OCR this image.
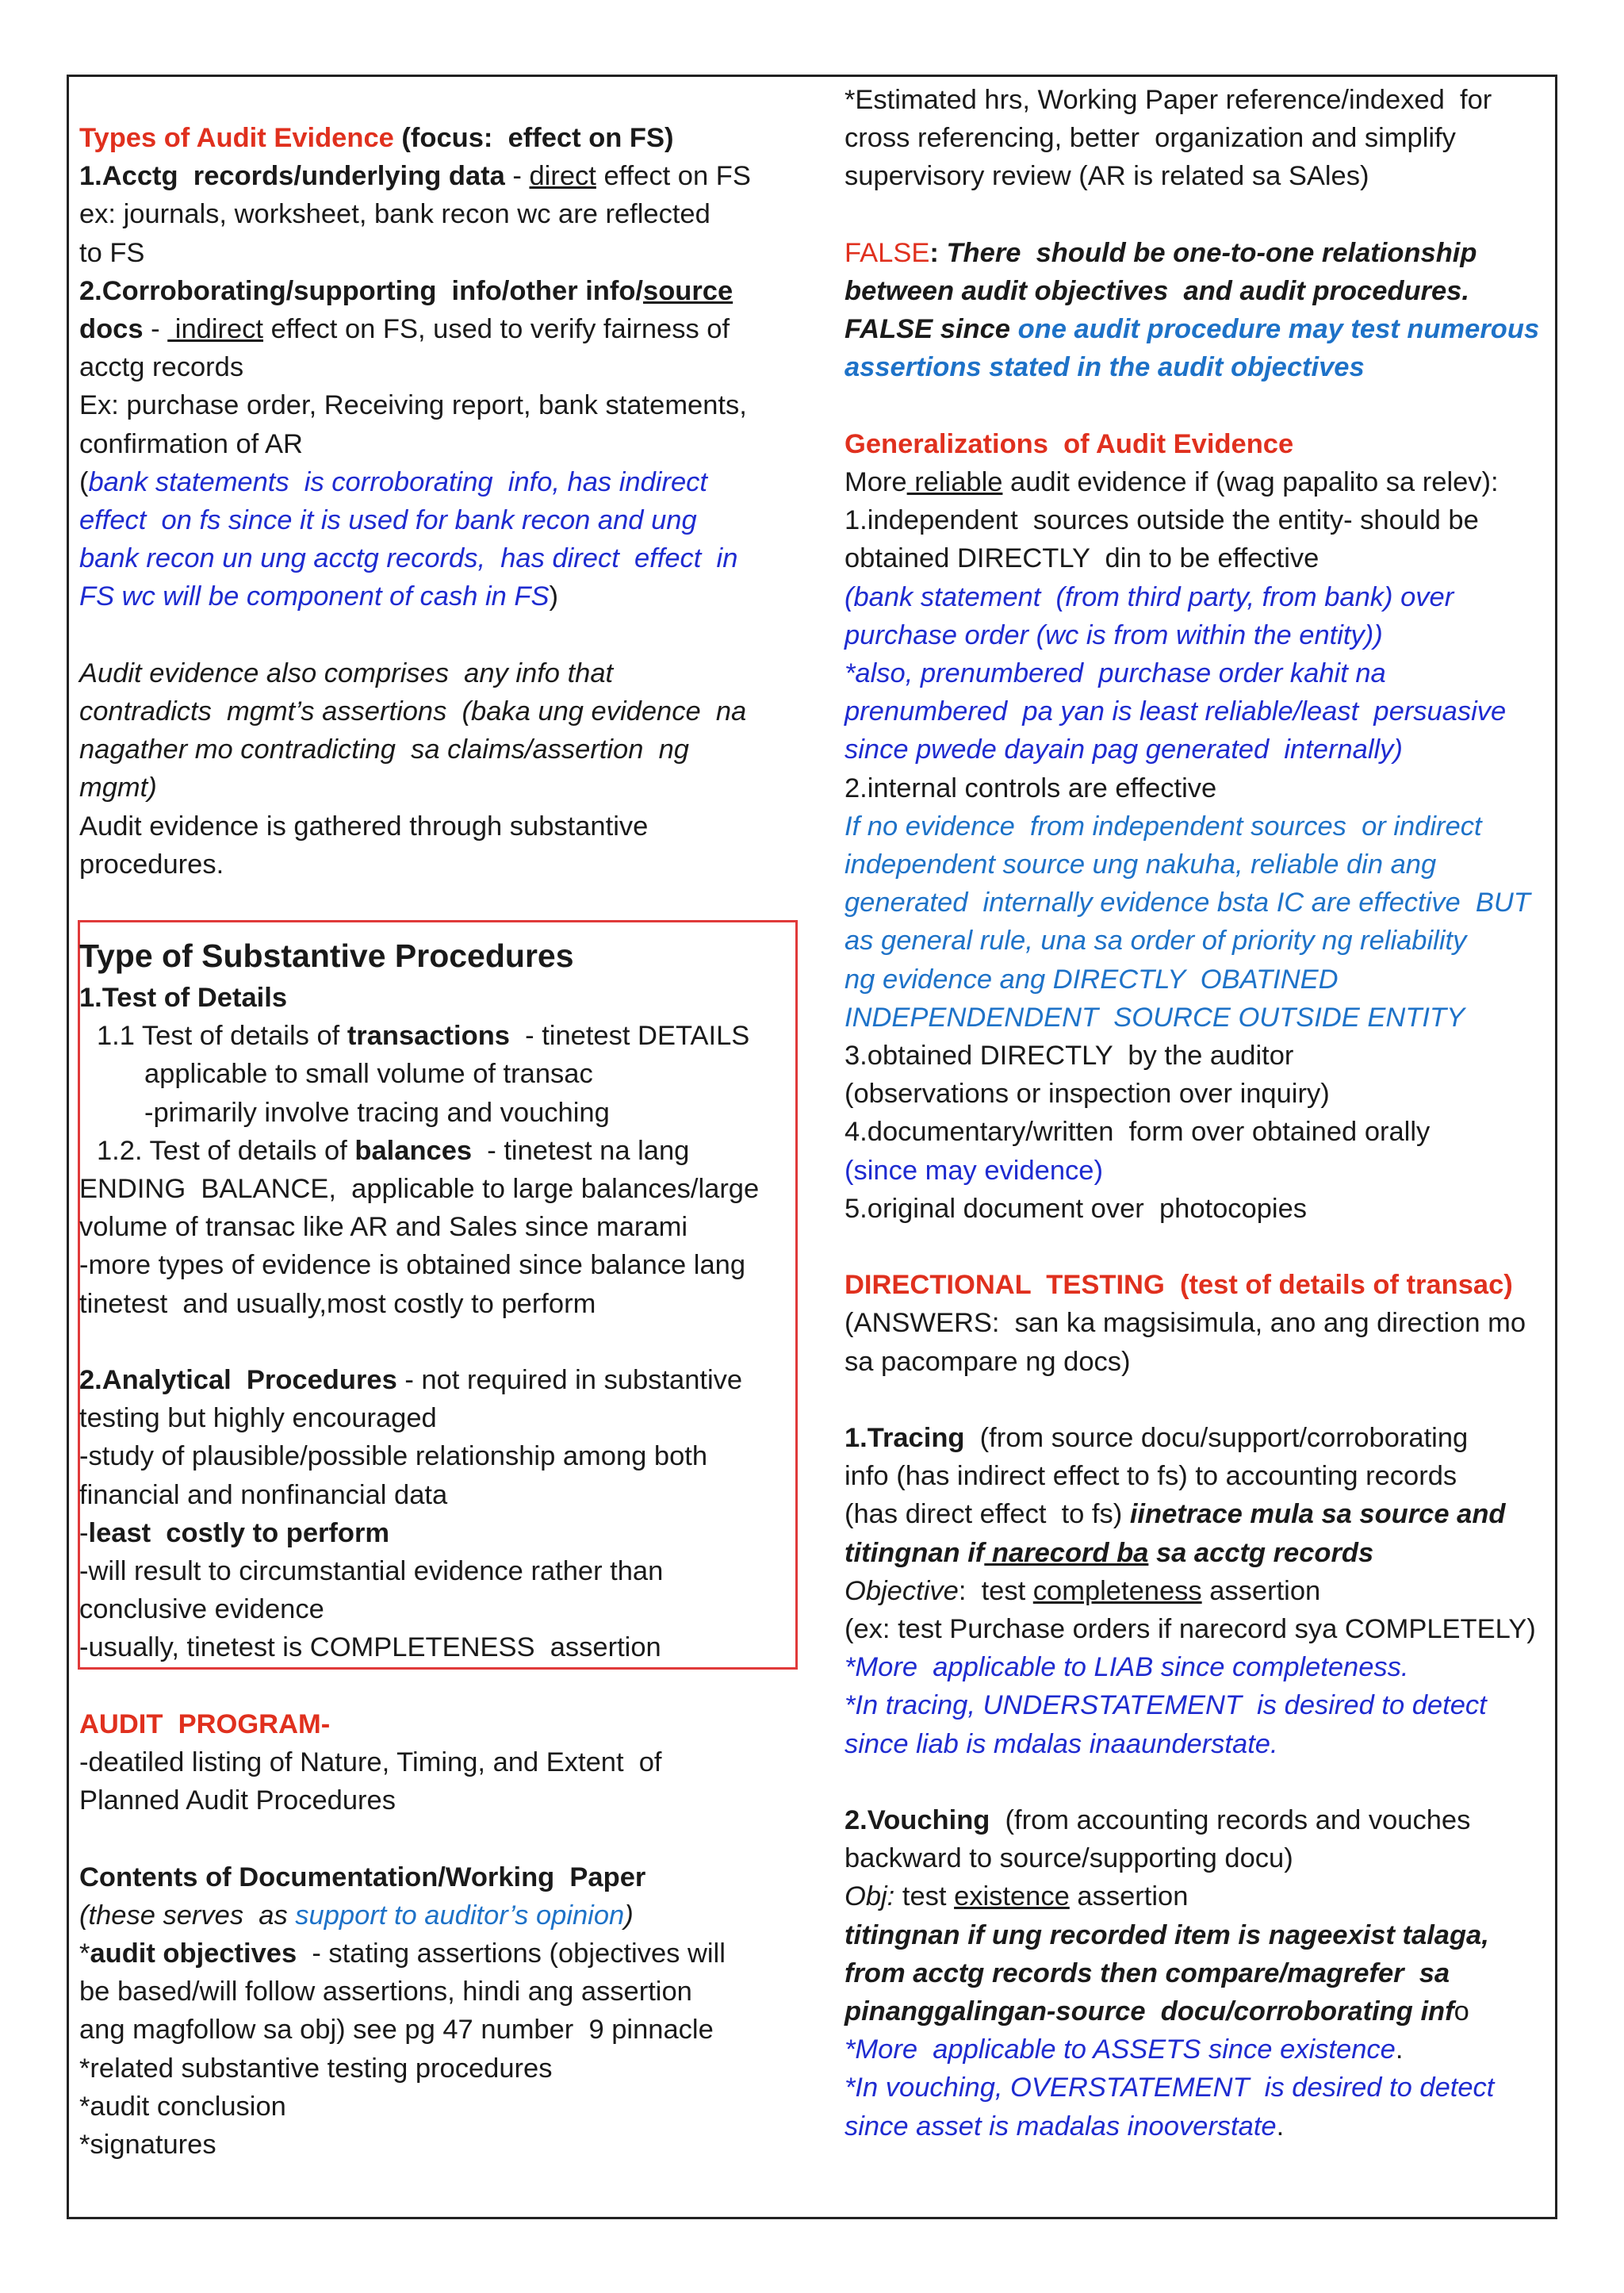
Types of Audit Evidence (focus:  effect on FS)
1.Acctg  records/underlying data - direct effect on FS
ex: journals, worksheet, bank recon wc are reflected
to FS
2.Corroborating/supporting  info/other info/source
docs -  indirect effect on FS, used to verify fairness of
acctg records
Ex: purchase order, Receiving report, bank statements,
confirmation of AR
(bank statements  is corroborating  info, has indirect
effect  on fs since it is used for bank recon and ung
bank recon un ung acctg records,  has direct  effect  in
FS wc will be component of cash in FS)
Audit evidence also comprises  any info that
contradicts  mgmt’s assertions  (baka ung evidence  na
nagather mo contradicting  sa claims/assertion  ng
mgmt)
Audit evidence is gathered through substantive
procedures.
Type of Substantive Procedures
1.Test of Details
1.1 Test of details of transactions  - tinetest DETAILS
applicable to small volume of transac
-primarily involve tracing and vouching
1.2. Test of details of balances  - tinetest na lang
ENDING  BALANCE,  applicable to large balances/large
volume of transac like AR and Sales since marami
-more types of evidence is obtained since balance lang
tinetest  and usually,most costly to perform
2.Analytical  Procedures - not required in substantive
testing but highly encouraged
-study of plausible/possible relationship among both
financial and nonfinancial data
-least  costly to perform
-will result to circumstantial evidence rather than
conclusive evidence
-usually, tinetest is COMPLETENESS  assertion
AUDIT  PROGRAM-
-deatiled listing of Nature, Timing, and Extent  of
Planned Audit Procedures
Contents of Documentation/Working  Paper
(these serves  as support to auditor’s opinion)
*audit objectives  - stating assertions (objectives will
be based/will follow assertions, hindi ang assertion
ang magfollow sa obj) see pg 47 number  9 pinnacle
*related substantive testing procedures
*audit conclusion
*signatures
*Estimated hrs, Working Paper reference/indexed  for
cross referencing, better  organization and simplify
supervisory review (AR is related sa SAles)
FALSE: There  should be one-to-one relationship
between audit objectives  and audit procedures.
FALSE since one audit procedure may test numerous
assertions stated in the audit objectives
Generalizations  of Audit Evidence
More reliable audit evidence if (wag papalito sa relev):
1.independent  sources outside the entity- should be
obtained DIRECTLY  din to be effective
(bank statement  (from third party, from bank) over
purchase order (wc is from within the entity))
*also, prenumbered  purchase order kahit na
prenumbered  pa yan is least reliable/least  persuasive
since pwede dayain pag generated  internally)
2.internal controls are effective
If no evidence  from independent sources  or indirect
independent source ung nakuha, reliable din ang
generated  internally evidence bsta IC are effective  BUT
as general rule, una sa order of priority ng reliability
ng evidence ang DIRECTLY  OBATINED
INDEPENDENDENT  SOURCE OUTSIDE ENTITY
3.obtained DIRECTLY  by the auditor
(observations or inspection over inquiry)
4.documentary/written  form over obtained orally
(since may evidence)
5.original document over  photocopies
DIRECTIONAL  TESTING  (test of details of transac)
(ANSWERS:  san ka magsisimula, ano ang direction mo
sa pacompare ng docs)
1.Tracing  (from source docu/support/corroborating
info (has indirect effect to fs) to accounting records
(has direct effect  to fs) iinetrace mula sa source and
titingnan if narecord ba sa acctg records
Objective:  test completeness assertion
(ex: test Purchase orders if narecord sya COMPLETELY)
*More  applicable to LIAB since completeness.
*In tracing, UNDERSTATEMENT  is desired to detect
since liab is mdalas inaaunderstate.
2.Vouching  (from accounting records and vouches
backward to source/supporting docu)
Obj: test existence assertion
titingnan if ung recorded item is nageexist talaga,
from acctg records then compare/magrefer  sa
pinanggalingan-source  docu/corroborating info
*More  applicable to ASSETS since existence.
*In vouching, OVERSTATEMENT  is desired to detect
since asset is madalas inooverstate.
